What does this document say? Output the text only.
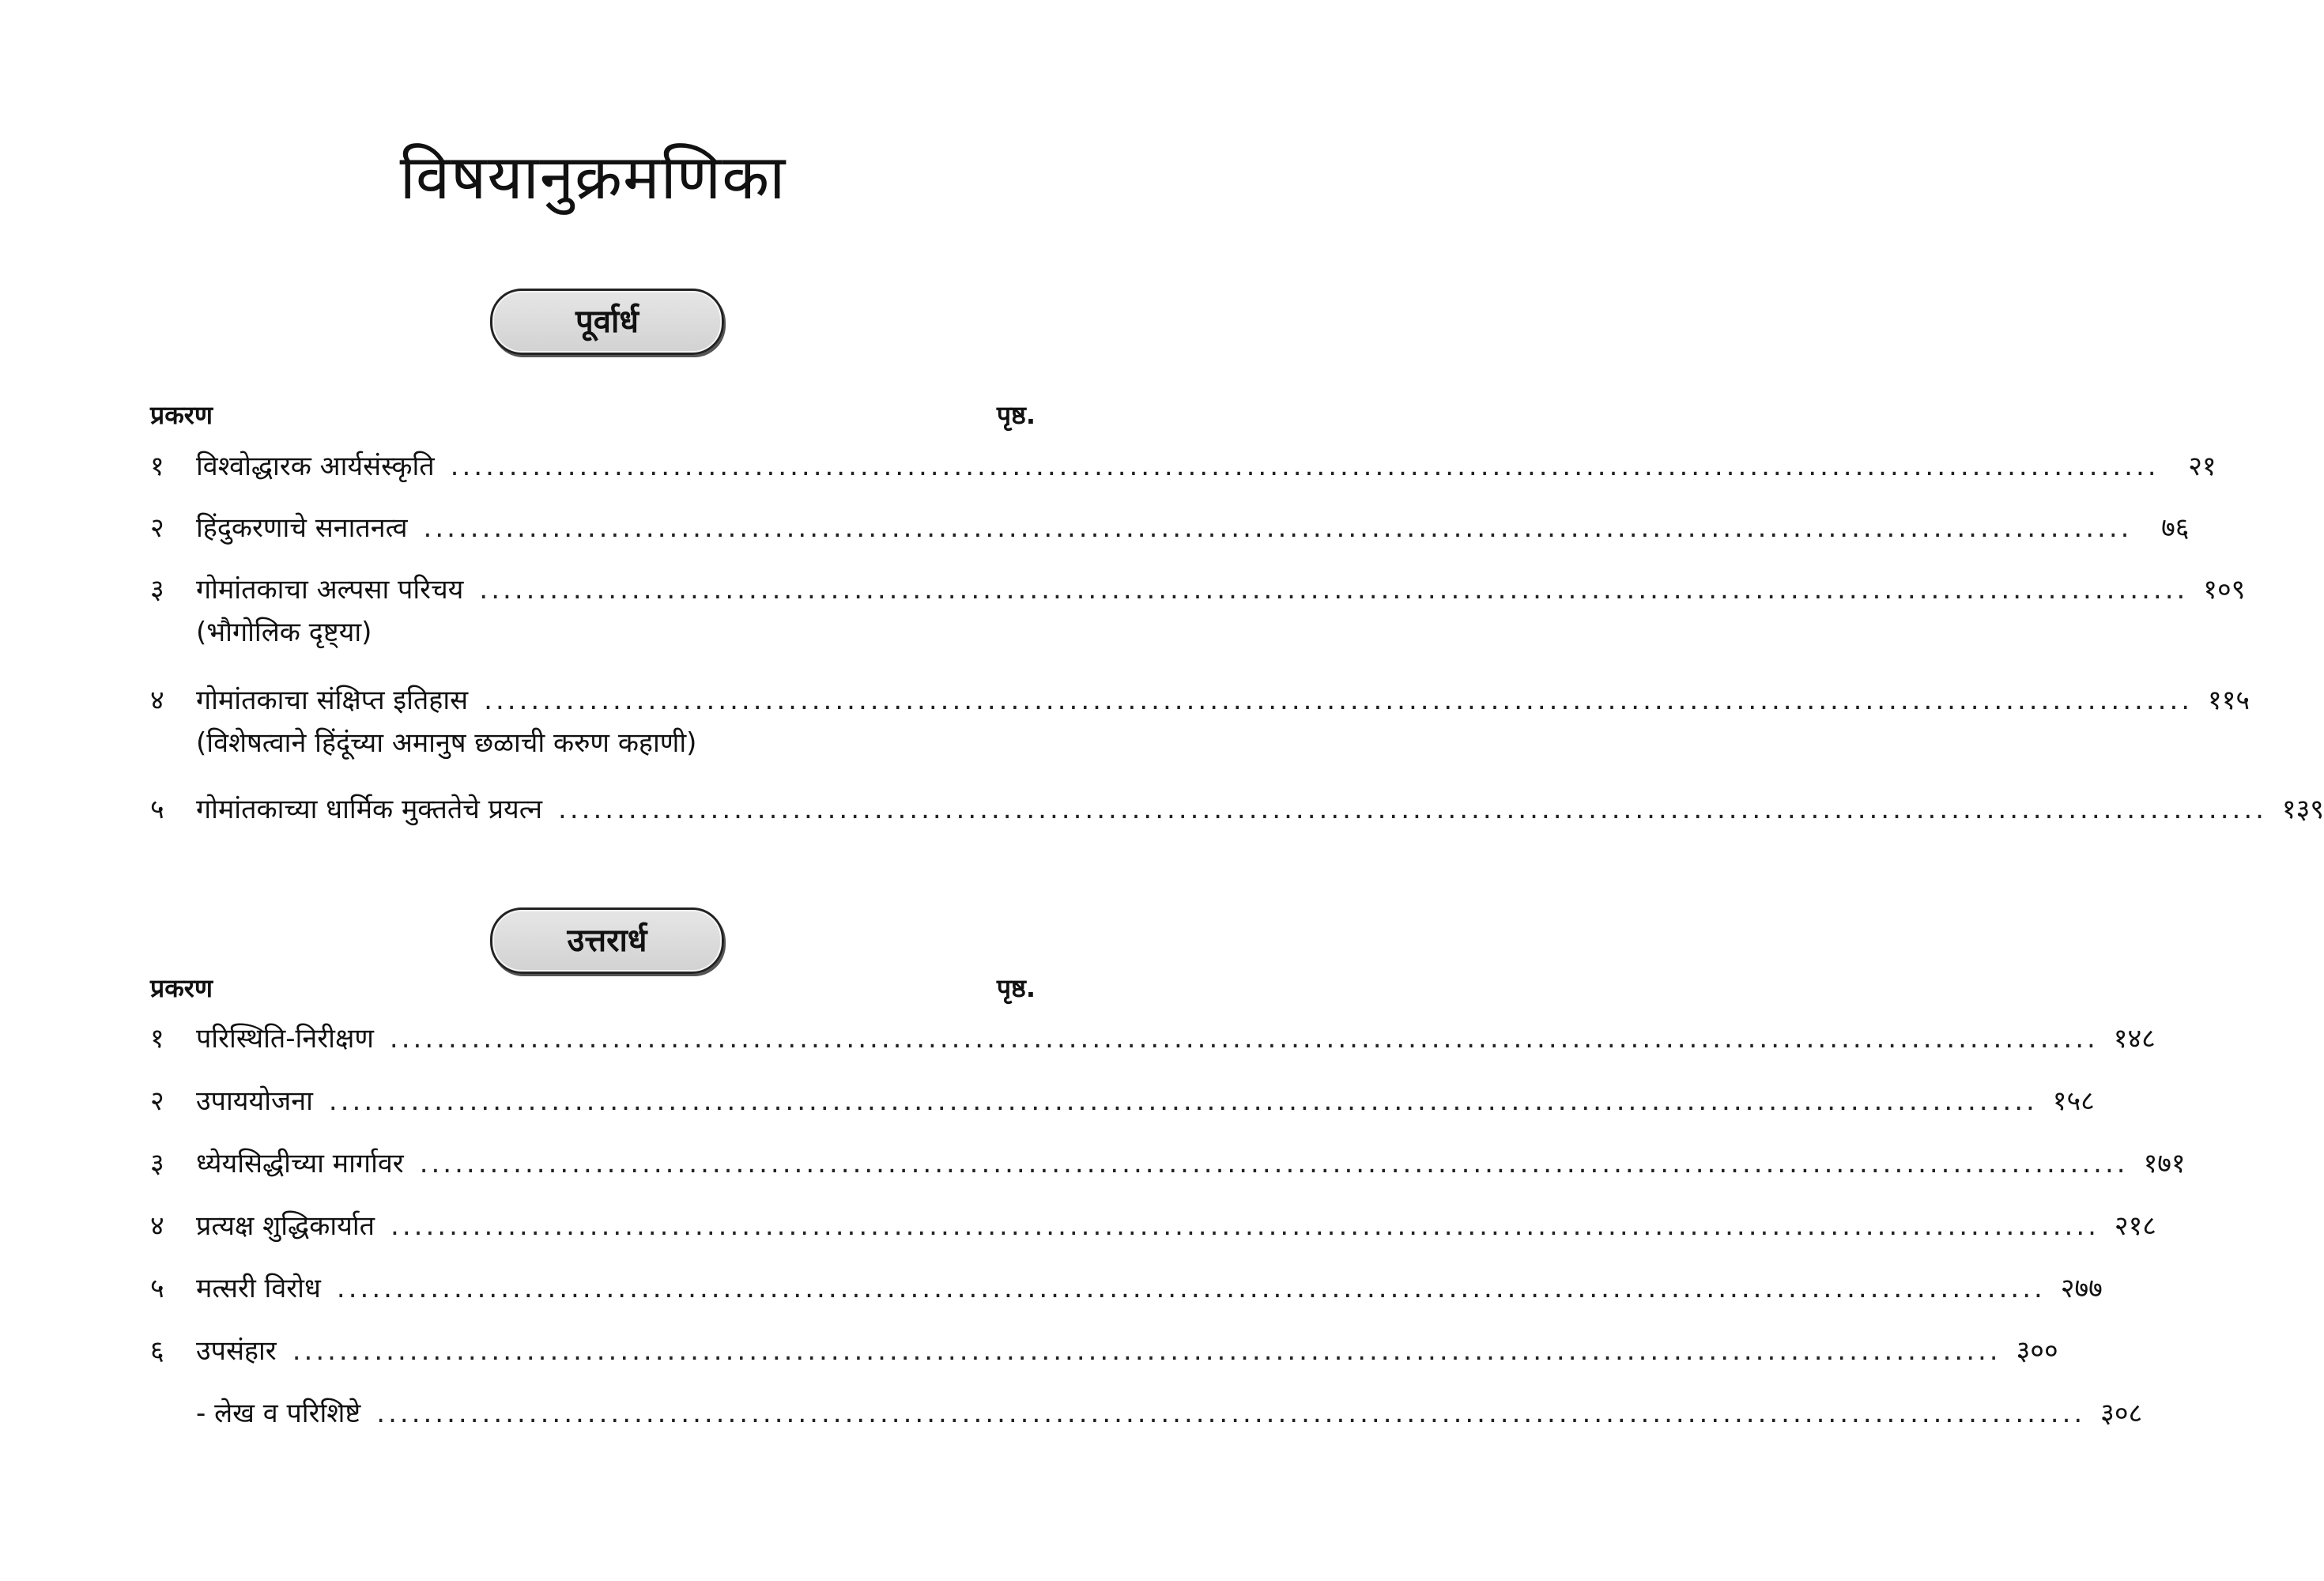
विषयानुक्रमणिका
पूर्वार्ध
प्रकरण	पृष्ठ.
१	विश्वोद्धारक आर्यसंस्कृति ..................................................................................................................................................	२१
२	हिंदुकरणाचे सनातनत्व ..................................................................................................................................................	७६
३	गोमांतकाचा अल्पसा परिचय .................................................................................................................................................. १०९
(भौगोलिक दृष्ट्या)
४	गोमांतकाचा संक्षिप्त इतिहास .................................................................................................................................................. ११५
(विशेषत्वाने हिंदूंच्या अमानुष छळाची करुण कहाणी)
५	गोमांतकाच्या धार्मिक मुक्ततेचे प्रयत्न .................................................................................................................................................. १३९
उत्तरार्ध
प्रकरण	पृष्ठ.
१	परिस्थिति-निरीक्षण .................................................................................................................................................. १४८
२	उपाययोजना .................................................................................................................................................. १५८
३	ध्येयसिद्धीच्या मार्गावर .................................................................................................................................................. १७१
४	प्रत्यक्ष शुद्धिकार्यात .................................................................................................................................................. २१८
५	मत्सरी विरोध .................................................................................................................................................. २७७
६	उपसंहार .................................................................................................................................................. ३००
- लेख व परिशिष्टे .................................................................................................................................................. ३०८
